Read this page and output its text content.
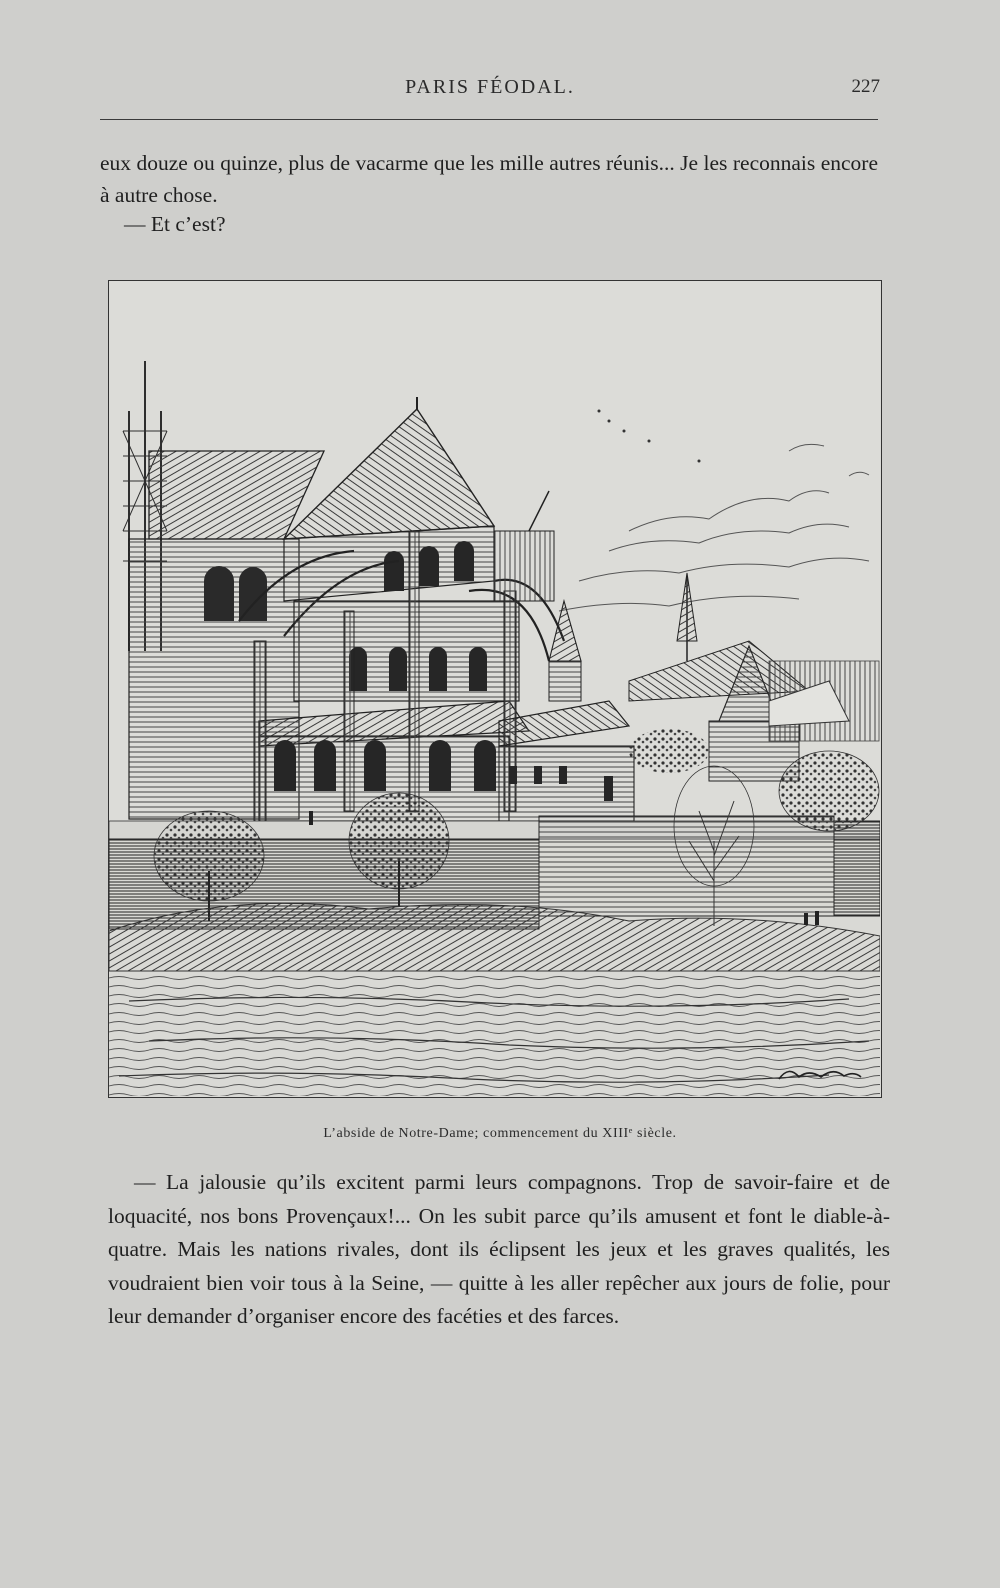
PARIS FÉODAL.	227

eux douze ou quinze, plus de vacarme que les mille autres réunis... Je les reconnais encore à autre chose.

— Et c’est?
L’abside de Notre-Dame; commencement du XIIIᵉ siècle.

— La jalousie qu’ils excitent parmi leurs compagnons. Trop de savoir-faire et de loquacité, nos bons Provençaux!... On les subit parce qu’ils amusent et font le diable-à-quatre. Mais les nations rivales, dont ils éclipsent les jeux et les graves qualités, les voudraient bien voir tous à la Seine, — quitte à les aller repêcher aux jours de folie, pour leur demander d’organiser encore des facéties et des farces.
